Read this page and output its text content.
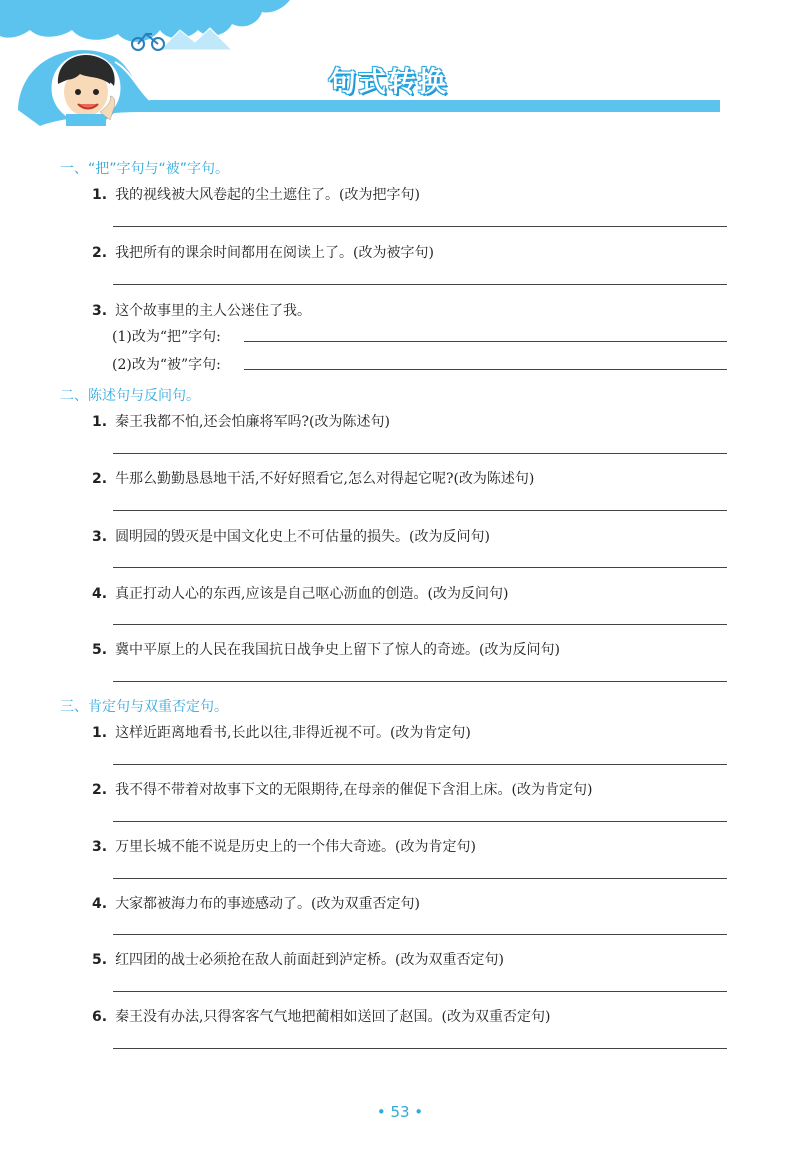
句式转换
一、“把”字句与“被”字句。
1. 我的视线被大风卷起的尘土遮住了。(改为把字句)
2. 我把所有的课余时间都用在阅读上了。(改为被字句)
3. 这个故事里的主人公迷住了我。
(1)改为“把”字句:
(2)改为“被”字句:
二、陈述句与反问句。
1. 秦王我都不怕,还会怕廉将军吗?(改为陈述句)
2. 牛那么勤勤恳恳地干活,不好好照看它,怎么对得起它呢?(改为陈述句)
3. 圆明园的毁灭是中国文化史上不可估量的损失。(改为反问句)
4. 真正打动人心的东西,应该是自己呕心沥血的创造。(改为反问句)
5. 冀中平原上的人民在我国抗日战争史上留下了惊人的奇迹。(改为反问句)
三、肯定句与双重否定句。
1. 这样近距离地看书,长此以往,非得近视不可。(改为肯定句)
2. 我不得不带着对故事下文的无限期待,在母亲的催促下含泪上床。(改为肯定句)
3. 万里长城不能不说是历史上的一个伟大奇迹。(改为肯定句)
4. 大家都被海力布的事迹感动了。(改为双重否定句)
5. 红四团的战士必须抢在敌人前面赶到泸定桥。(改为双重否定句)
6. 秦王没有办法,只得客客气气地把蔺相如送回了赵国。(改为双重否定句)
• 53 •
